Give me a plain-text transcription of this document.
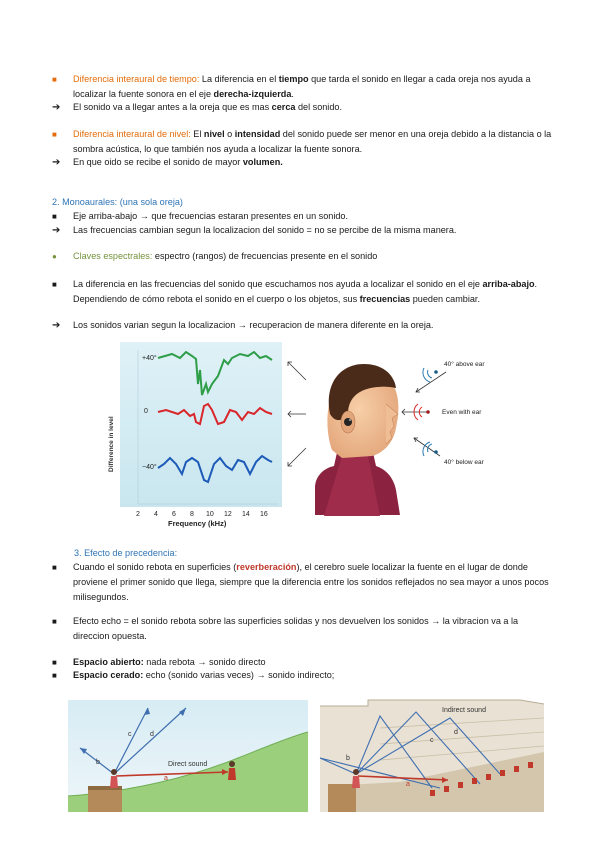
■	Diferencia interaural de tiempo: La diferencia en el tiempo que tarda el sonido en llegar a cada oreja nos ayuda a localizar la fuente sonora en el eje derecha-izquierda.
➔	El sonido va a llegar antes a la oreja que es mas cerca del sonido.
■	Diferencia interaural de nivel: El nivel o intensidad del sonido puede ser menor en una oreja debido a la distancia o la sombra acústica, lo que también nos ayuda a localizar la fuente sonora.
➔	En que oido se recibe el sonido de mayor volumen.
2. Monoaurales: (una sola oreja)
■	Eje arriba-abajo → que frecuencias estaran presentes en un sonido.
➔	Las frecuencias cambian segun la localizacion del sonido = no se percibe de la misma manera.
●	Claves espectrales: espectro (rangos) de frecuencias presente en el sonido
■	La diferencia en las frecuencias del sonido que escuchamos nos ayuda a localizar el sonido en el eje arriba-abajo. Dependiendo de cómo rebota el sonido en el cuerpo o los objetos, sus frecuencias pueden cambiar.
➔	Los sonidos varian segun la localizacion → recuperacion de manera diferente en la oreja.
Difference in level
+40°
0
−40°
2 4 6 8 10 12 14 16
Frequency (kHz)
40° above ear
Even with ear
40° below ear
3. Efecto de precedencia:
■	Cuando el sonido rebota en superficies (reverberación), el cerebro suele localizar la fuente en el lugar de donde proviene el primer sonido que llega, siempre que la diferencia entre los sonidos reflejados no sea mayor a unos pocos milisegundos.
■	Efecto echo = el sonido rebota sobre las superficies solidas y nos devuelven los sonidos → la vibracion va a la direccion opuesta.
■	Espacio abierto: nada rebota → sonido directo
■	Espacio cerado: echo (sonido varias veces) → sonido indirecto;
Direct sound
a
b
c	d
Indirect sound
a
b
c
d
